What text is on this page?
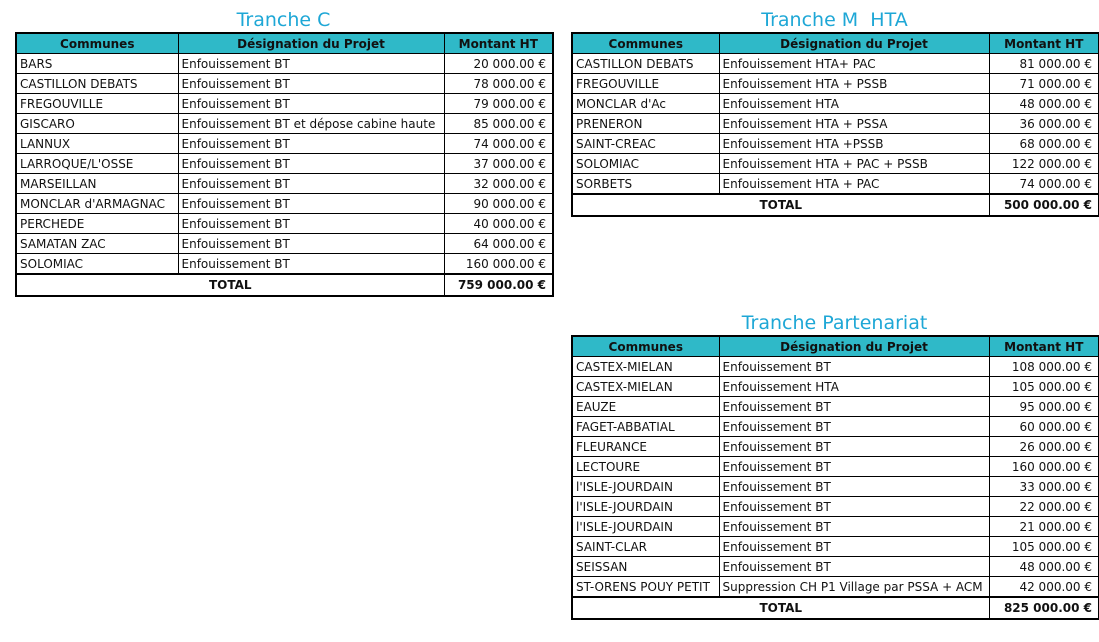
Tranche C
Communes	Désignation du Projet	Montant HT
BARS	Enfouissement BT	20 000.00 €
CASTILLON DEBATS	Enfouissement BT	78 000.00 €
FREGOUVILLE	Enfouissement BT	79 000.00 €
GISCARO	Enfouissement BT et dépose cabine haute	85 000.00 €
LANNUX	Enfouissement BT	74 000.00 €
LARROQUE/L'OSSE	Enfouissement BT	37 000.00 €
MARSEILLAN	Enfouissement BT	32 000.00 €
MONCLAR d'ARMAGNAC	Enfouissement BT	90 000.00 €
PERCHEDE	Enfouissement BT	40 000.00 €
SAMATAN ZAC	Enfouissement BT	64 000.00 €
SOLOMIAC	Enfouissement BT	160 000.00 €
TOTAL		759 000.00 €
Tranche M  HTA
Communes	Désignation du Projet	Montant HT
CASTILLON DEBATS	Enfouissement HTA+ PAC	81 000.00 €
FREGOUVILLE	Enfouissement HTA + PSSB	71 000.00 €
MONCLAR d'Ac	Enfouissement HTA	48 000.00 €
PRENERON	Enfouissement HTA + PSSA	36 000.00 €
SAINT-CREAC	Enfouissement HTA +PSSB	68 000.00 €
SOLOMIAC	Enfouissement HTA + PAC + PSSB	122 000.00 €
SORBETS	Enfouissement HTA + PAC	74 000.00 €
TOTAL		500 000.00 €
Tranche Partenariat
Communes	Désignation du Projet	Montant HT
CASTEX-MIELAN	Enfouissement BT	108 000.00 €
CASTEX-MIELAN	Enfouissement HTA	105 000.00 €
EAUZE	Enfouissement BT	95 000.00 €
FAGET-ABBATIAL	Enfouissement BT	60 000.00 €
FLEURANCE	Enfouissement BT	26 000.00 €
LECTOURE	Enfouissement BT	160 000.00 €
l'ISLE-JOURDAIN	Enfouissement BT	33 000.00 €
l'ISLE-JOURDAIN	Enfouissement BT	22 000.00 €
l'ISLE-JOURDAIN	Enfouissement BT	21 000.00 €
SAINT-CLAR	Enfouissement BT	105 000.00 €
SEISSAN	Enfouissement BT	48 000.00 €
ST-ORENS POUY PETIT	Suppression CH P1 Village par PSSA + ACM	42 000.00 €
TOTAL		825 000.00 €
